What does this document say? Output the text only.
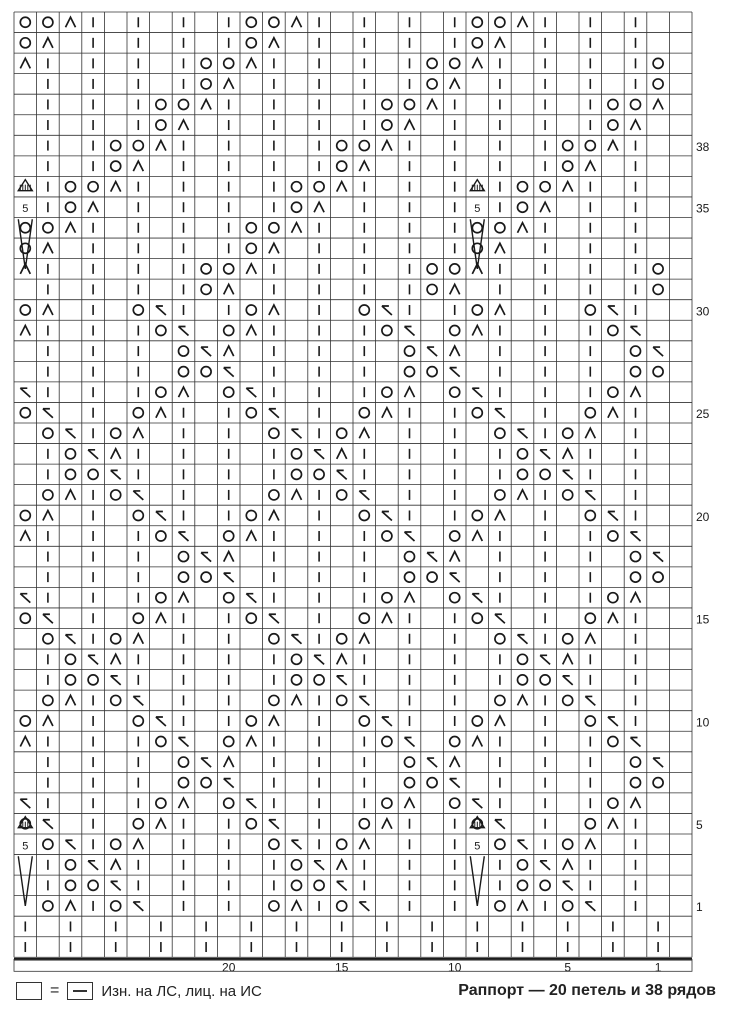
5	5
5	5
38
35
30
25
20
15
10
5
1
20	15	10	5	1
=	Изн. на ЛС, лиц. на ИС	Раппорт — 20 петель и 38 рядов
